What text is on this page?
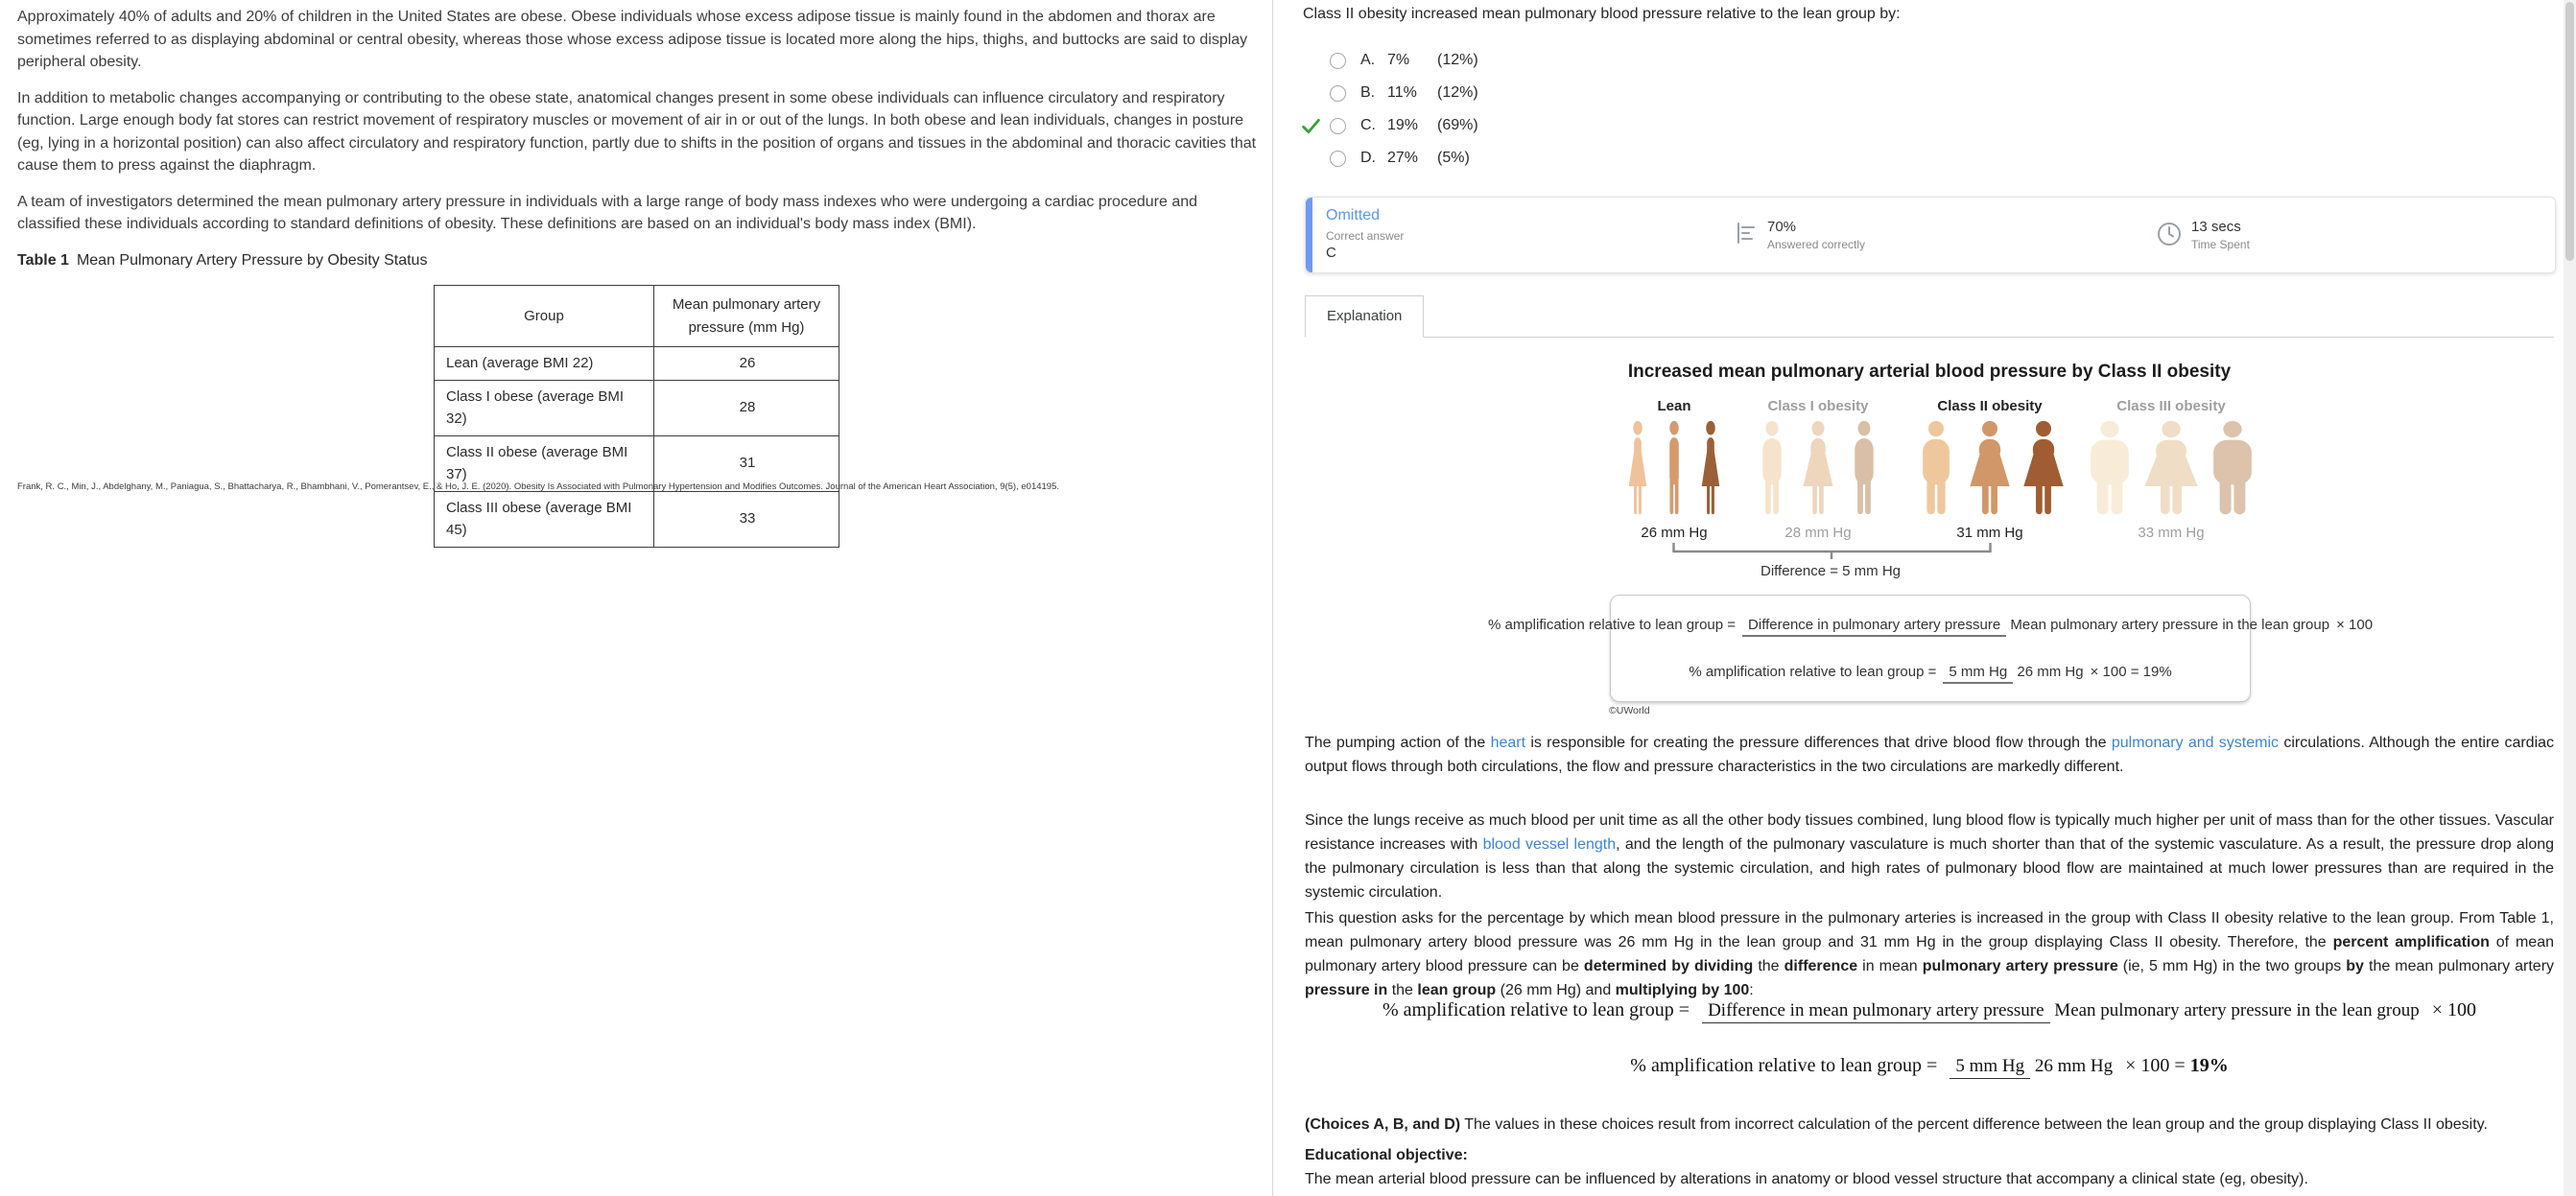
Approximately 40% of adults and 20% of children in the United States are obese. Obese individuals whose excess adipose tissue is mainly found in the abdomen and thorax are sometimes referred to as displaying abdominal or central obesity, whereas those whose excess adipose tissue is located more along the hips, thighs, and buttocks are said to display peripheral obesity.

In addition to metabolic changes accompanying or contributing to the obese state, anatomical changes present in some obese individuals can influence circulatory and respiratory function. Large enough body fat stores can restrict movement of respiratory muscles or movement of air in or out of the lungs. In both obese and lean individuals, changes in posture (eg, lying in a horizontal position) can also affect circulatory and respiratory function, partly due to shifts in the position of organs and tissues in the abdominal and thoracic cavities that cause them to press against the diaphragm.

A team of investigators determined the mean pulmonary artery pressure in individuals with a large range of body mass indexes who were undergoing a cardiac procedure and classified these individuals according to standard definitions of obesity. These definitions are based on an individual's body mass index (BMI).

Table 1 Mean Pulmonary Artery Pressure by Obesity Status

Group	Mean pulmonary artery pressure (mm Hg)
Lean (average BMI 22)	26
Class I obese (average BMI 32)	28
Class II obese (average BMI 37)	31
Class III obese (average BMI 45)	33

Frank, R. C., Min, J., Abdelghany, M., Paniagua, S., Bhattacharya, R., Bhambhani, V., Pomerantsev, E., & Ho, J. E. (2020). Obesity Is Associated with Pulmonary Hypertension and Modifies Outcomes. Journal of the American Heart Association, 9(5), e014195.

Class II obesity increased mean pulmonary blood pressure relative to the lean group by:
A. 7%	(12%)
B. 11%	(12%)
C. 19%	(69%)
D. 27%	(5%)
Omitted
Correct answer
C
70%
Answered correctly
13 secs
Time Spent
Explanation
Increased mean pulmonary arterial blood pressure by Class II obesity
Lean
26 mm Hg
Class I obesity
28 mm Hg
Class II obesity
31 mm Hg
Class III obesity
33 mm Hg
Difference = 5 mm Hg
% amplification relative to lean group = Difference in pulmonary artery pressure Mean pulmonary artery pressure in the lean group × 100
% amplification relative to lean group = 5 mm Hg 26 mm Hg × 100 = 19%
©UWorld
The pumping action of the heart is responsible for creating the pressure differences that drive blood flow through the pulmonary and systemic circulations. Although the entire cardiac output flows through both circulations, the flow and pressure characteristics in the two circulations are markedly different.
Since the lungs receive as much blood per unit time as all the other body tissues combined, lung blood flow is typically much higher per unit of mass than for the other tissues. Vascular resistance increases with blood vessel length, and the length of the pulmonary vasculature is much shorter than that of the systemic vasculature. As a result, the pressure drop along the pulmonary circulation is less than that along the systemic circulation, and high rates of pulmonary blood flow are maintained at much lower pressures than are required in the systemic circulation.
This question asks for the percentage by which mean blood pressure in the pulmonary arteries is increased in the group with Class II obesity relative to the lean group. From Table 1, mean pulmonary artery blood pressure was 26 mm Hg in the lean group and 31 mm Hg in the group displaying Class II obesity. Therefore, the percent amplification of mean pulmonary artery blood pressure can be determined by dividing the difference in mean pulmonary artery pressure (ie, 5 mm Hg) in the two groups by the mean pulmonary artery pressure in the lean group (26 mm Hg) and multiplying by 100:
% amplification relative to lean group = Difference in mean pulmonary artery pressure Mean pulmonary artery pressure in the lean group × 100
% amplification relative to lean group = 5 mm Hg 26 mm Hg × 100 = 19%
(Choices A, B, and D) The values in these choices result from incorrect calculation of the percent difference between the lean group and the group displaying Class II obesity.
Educational objective:
The mean arterial blood pressure can be influenced by alterations in anatomy or blood vessel structure that accompany a clinical state (eg, obesity).
